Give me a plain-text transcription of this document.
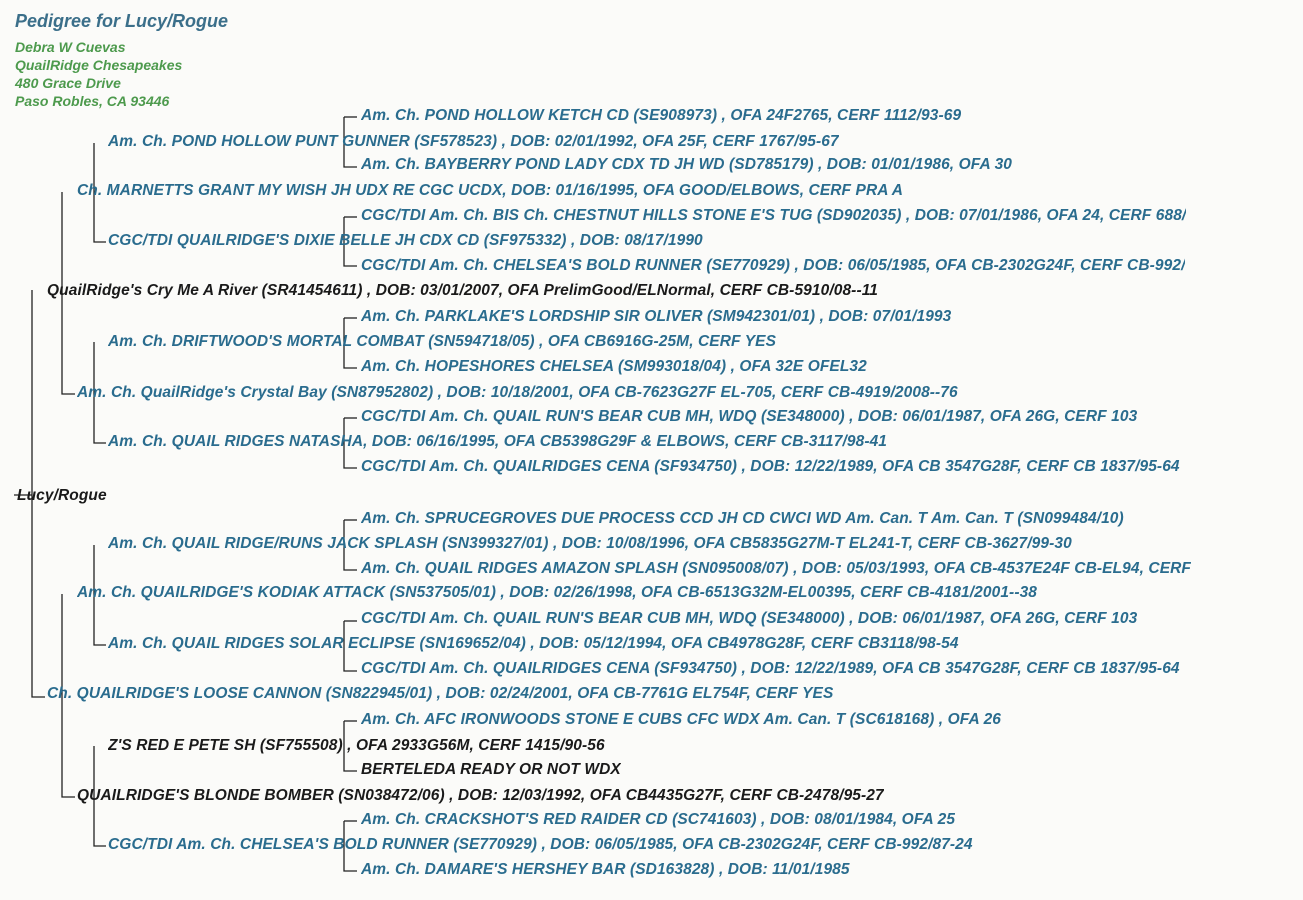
Pedigree for Lucy/Rogue
Debra W Cuevas
QuailRidge Chesapeakes
480 Grace Drive
Paso Robles, CA 93446
Am. Ch. POND HOLLOW KETCH CD (SE908973) , OFA 24F2765, CERF 1112/93-69
Am. Ch. POND HOLLOW PUNT GUNNER (SF578523) , DOB: 02/01/1992, OFA 25F, CERF 1767/95-67
Am. Ch. BAYBERRY POND LADY CDX TD JH WD (SD785179) , DOB: 01/01/1986, OFA 30
Ch. MARNETTS GRANT MY WISH JH UDX RE CGC UCDX, DOB: 01/16/1995, OFA GOOD/ELBOWS, CERF PRA A
CGC/TDI Am. Ch. BIS Ch. CHESTNUT HILLS STONE E'S TUG (SD902035) , DOB: 07/01/1986, OFA 24, CERF 688/
CGC/TDI QUAILRIDGE'S DIXIE BELLE JH CDX CD (SF975332) , DOB: 08/17/1990
CGC/TDI Am. Ch. CHELSEA'S BOLD RUNNER (SE770929) , DOB: 06/05/1985, OFA CB-2302G24F, CERF CB-992/
QuailRidge's Cry Me A River (SR41454611) , DOB: 03/01/2007, OFA PrelimGood/ELNormal, CERF CB-5910/08--11
Am. Ch. PARKLAKE'S LORDSHIP SIR OLIVER (SM942301/01) , DOB: 07/01/1993
Am. Ch. DRIFTWOOD'S MORTAL COMBAT (SN594718/05) , OFA CB6916G-25M, CERF YES
Am. Ch. HOPESHORES CHELSEA (SM993018/04) , OFA 32E OFEL32
Am. Ch. QuailRidge's Crystal Bay (SN87952802) , DOB: 10/18/2001, OFA CB-7623G27F EL-705, CERF CB-4919/2008--76
CGC/TDI Am. Ch. QUAIL RUN'S BEAR CUB MH, WDQ (SE348000) , DOB: 06/01/1987, OFA 26G, CERF 103
Am. Ch. QUAIL RIDGES NATASHA, DOB: 06/16/1995, OFA CB5398G29F & ELBOWS, CERF CB-3117/98-41
CGC/TDI Am. Ch. QUAILRIDGES CENA (SF934750) , DOB: 12/22/1989, OFA CB 3547G28F, CERF CB 1837/95-64
Lucy/Rogue
Am. Ch. SPRUCEGROVES DUE PROCESS CCD JH CD CWCI WD Am. Can. T Am. Can. T (SN099484/10)
Am. Ch. QUAIL RIDGE/RUNS JACK SPLASH (SN399327/01) , DOB: 10/08/1996, OFA CB5835G27M-T EL241-T, CERF CB-3627/99-30
Am. Ch. QUAIL RIDGES AMAZON SPLASH (SN095008/07) , DOB: 05/03/1993, OFA CB-4537E24F CB-EL94, CERF
Am. Ch. QUAILRIDGE'S KODIAK ATTACK (SN537505/01) , DOB: 02/26/1998, OFA CB-6513G32M-EL00395, CERF CB-4181/2001--38
CGC/TDI Am. Ch. QUAIL RUN'S BEAR CUB MH, WDQ (SE348000) , DOB: 06/01/1987, OFA 26G, CERF 103
Am. Ch. QUAIL RIDGES SOLAR ECLIPSE (SN169652/04) , DOB: 05/12/1994, OFA CB4978G28F, CERF CB3118/98-54
CGC/TDI Am. Ch. QUAILRIDGES CENA (SF934750) , DOB: 12/22/1989, OFA CB 3547G28F, CERF CB 1837/95-64
Ch. QUAILRIDGE'S LOOSE CANNON (SN822945/01) , DOB: 02/24/2001, OFA CB-7761G EL754F, CERF YES
Am. Ch. AFC IRONWOODS STONE E CUBS CFC WDX Am. Can. T (SC618168) , OFA 26
Z'S RED E PETE SH (SF755508) , OFA 2933G56M, CERF 1415/90-56
BERTELEDA READY OR NOT WDX
QUAILRIDGE'S BLONDE BOMBER (SN038472/06) , DOB: 12/03/1992, OFA CB4435G27F, CERF CB-2478/95-27
Am. Ch. CRACKSHOT'S RED RAIDER CD (SC741603) , DOB: 08/01/1984, OFA 25
CGC/TDI Am. Ch. CHELSEA'S BOLD RUNNER (SE770929) , DOB: 06/05/1985, OFA CB-2302G24F, CERF CB-992/87-24
Am. Ch. DAMARE'S HERSHEY BAR (SD163828) , DOB: 11/01/1985
